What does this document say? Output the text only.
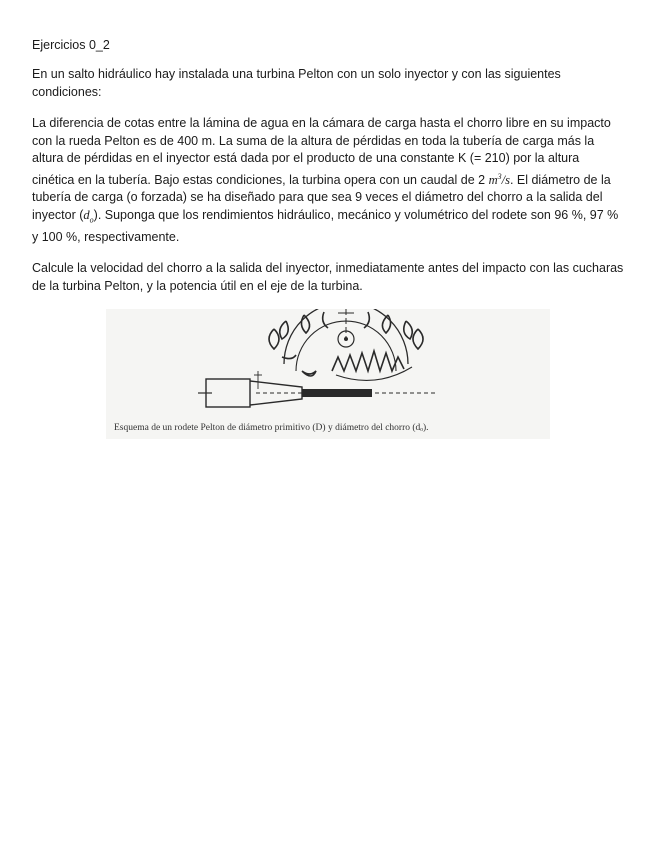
Ejercicios 0_2

En un salto hidráulico hay instalada una turbina Pelton con un solo inyector y con las siguientes condiciones:

La diferencia de cotas entre la lámina de agua en la cámara de carga hasta el chorro libre en su impacto con la rueda Pelton es de 400 m. La suma de la altura de pérdidas en toda la tubería de carga más la altura de pérdidas en el inyector está dada por el producto de una constante K (= 210) por la altura cinética en la tubería. Bajo estas condiciones, la turbina opera con un caudal de 2 $m^3/s$. El diámetro de la tubería de carga (o forzada) se ha diseñado para que sea 9 veces el diámetro del chorro a la salida del inyector $(d_o)$. Suponga que los rendimientos hidráulico, mecánico y volumétrico del rodete son 96 %, 97 % y 100 %, respectivamente.

Calcule la velocidad del chorro a la salida del inyector, inmediatamente antes del impacto con las cucharas de la turbina Pelton, y la potencia útil en el eje de la turbina.

Esquema de un rodete Pelton de diámetro primitivo (D) y diámetro del chorro (dₒ).
